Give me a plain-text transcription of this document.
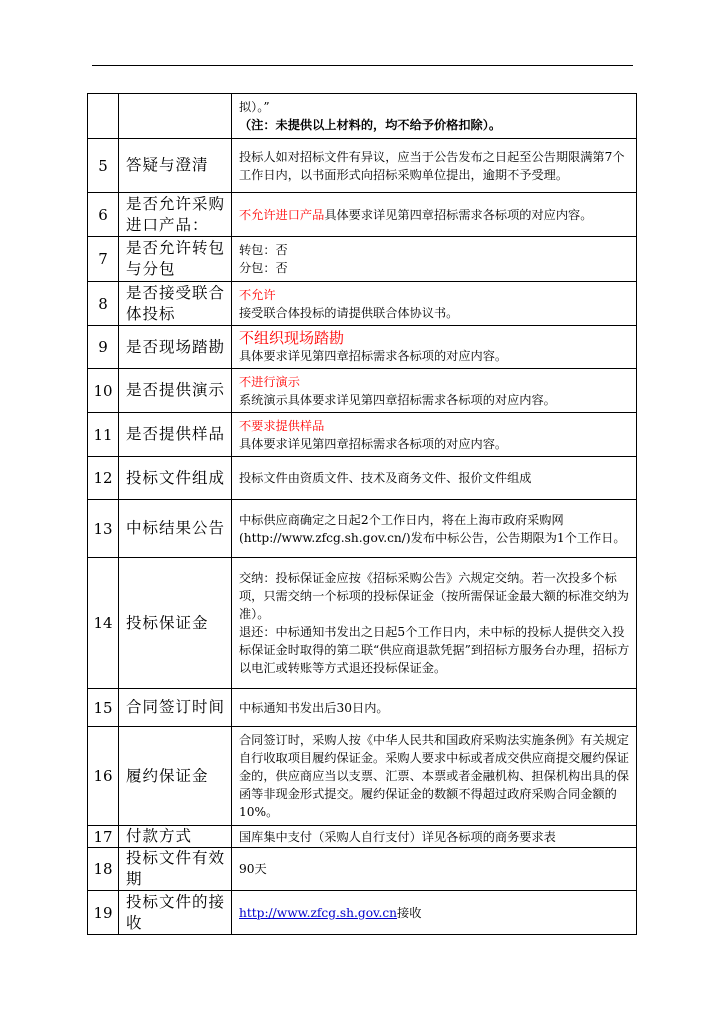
		拟）。”
（注：未提供以上材料的，均不给予价格扣除）。

5	答疑与澄清	投标人如对招标文件有异议，应当于公告发布之日起至公告期限满第7个工作日内，以书面形式向招标采购单位提出，逾期不予受理。

6	是否允许采购进口产品：	不允许进口产品具体要求详见第四章招标需求各标项的对应内容。

7	是否允许转包与分包	转包：否
分包：否

8	是否接受联合体投标	不允许
接受联合体投标的请提供联合体协议书。

9	是否现场踏勘	不组织现场踏勘
具体要求详见第四章招标需求各标项的对应内容。

10	是否提供演示	不进行演示
系统演示具体要求详见第四章招标需求各标项的对应内容。

11	是否提供样品	不要求提供样品
具体要求详见第四章招标需求各标项的对应内容。

12	投标文件组成	投标文件由资质文件、技术及商务文件、报价文件组成

13	中标结果公告	中标供应商确定之日起2个工作日内，将在上海市政府采购网(http://www.zfcg.sh.gov.cn/)发布中标公告，公告期限为1个工作日。

14	投标保证金	交纳：投标保证金应按《招标采购公告》六规定交纳。若一次投多个标项，只需交纳一个标项的投标保证金（按所需保证金最大额的标准交纳为准）。
退还：中标通知书发出之日起5个工作日内，未中标的投标人提供交入投标保证金时取得的第二联“供应商退款凭据”到招标方服务台办理，招标方以电汇或转账等方式退还投标保证金。

15	合同签订时间	中标通知书发出后30日内。

16	履约保证金	合同签订时，采购人按《中华人民共和国政府采购法实施条例》有关规定自行收取项目履约保证金。采购人要求中标或者成交供应商提交履约保证金的，供应商应当以支票、汇票、本票或者金融机构、担保机构出具的保函等非现金形式提交。履约保证金的数额不得超过政府采购合同金额的10%。

17	付款方式	国库集中支付（采购人自行支付）详见各标项的商务要求表

18	投标文件有效期	90天

19	投标文件的接收	http://www.zfcg.sh.gov.cn接收
